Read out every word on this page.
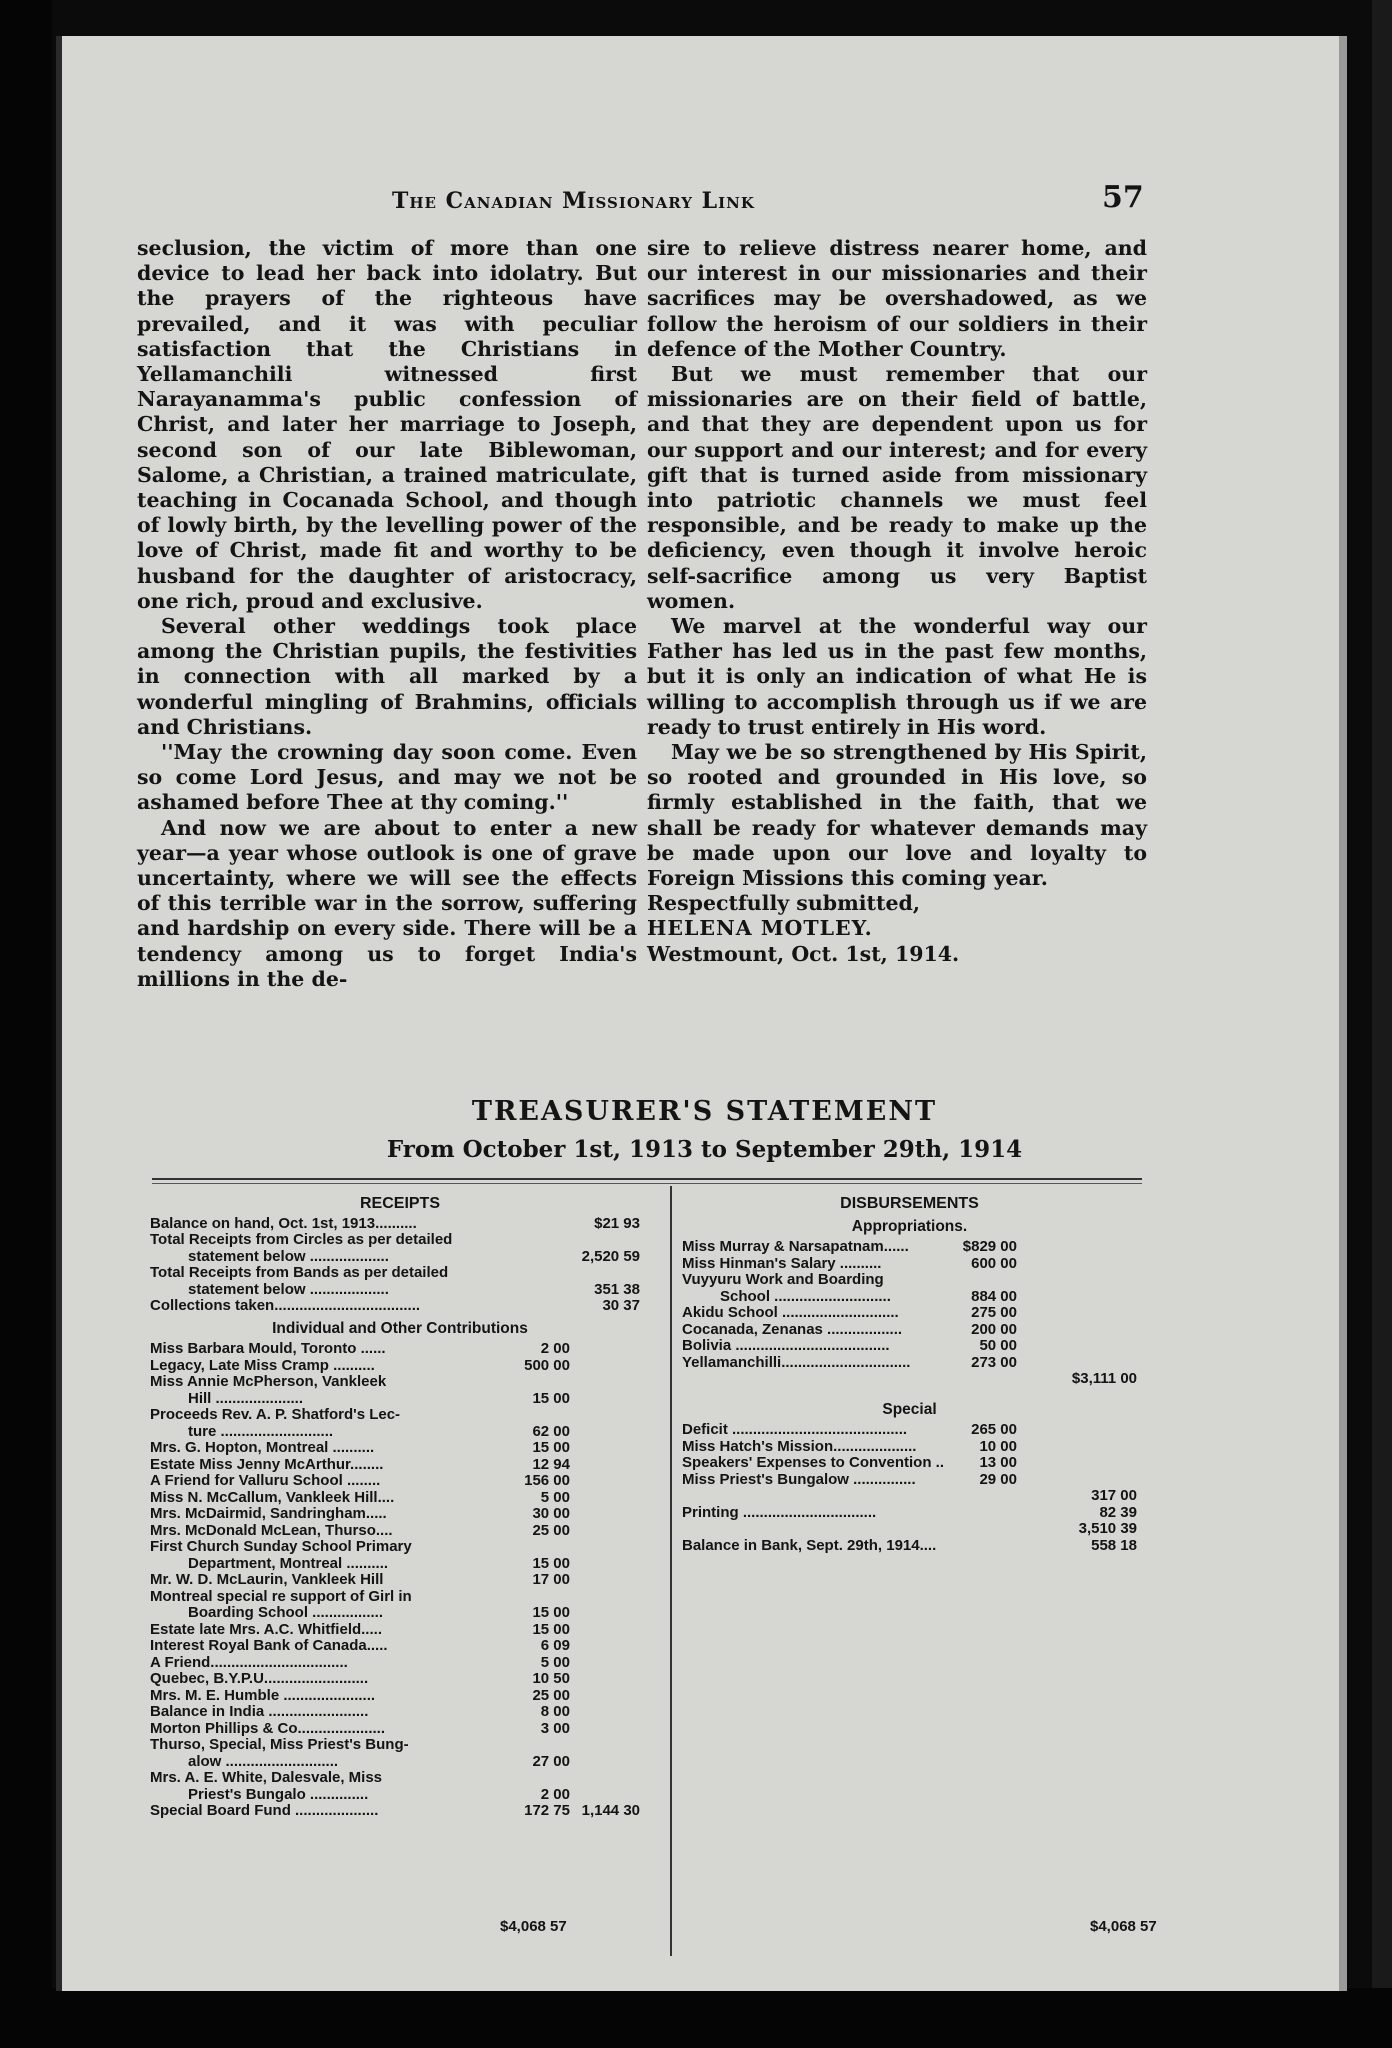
The Canadian Missionary Link	57

seclusion, the victim of more than one device to lead her back into idolatry. But the prayers of the righteous have prevailed, and it was with peculiar satisfaction that the Christians in Yellamanchili witnessed first Narayanamma's public confession of Christ, and later her marriage to Joseph, second son of our late Biblewoman, Salome, a Christian, a trained matriculate, teaching in Cocanada School, and though of lowly birth, by the levelling power of the love of Christ, made fit and worthy to be husband for the daughter of aristocracy, one rich, proud and exclusive.

Several other weddings took place among the Christian pupils, the festivities in connection with all marked by a wonderful mingling of Brahmins, officials and Christians.

''May the crowning day soon come. Even so come Lord Jesus, and may we not be ashamed before Thee at thy coming.''

And now we are about to enter a new year—a year whose outlook is one of grave uncertainty, where we will see the effects of this terrible war in the sorrow, suffering and hardship on every side. There will be a tendency among us to forget India's millions in the de-

sire to relieve distress nearer home, and our interest in our missionaries and their sacrifices may be overshadowed, as we follow the heroism of our soldiers in their defence of the Mother Country.

But we must remember that our missionaries are on their field of battle, and that they are dependent upon us for our support and our interest; and for every gift that is turned aside from missionary into patriotic channels we must feel responsible, and be ready to make up the deficiency, even though it involve heroic self-sacrifice among us very Baptist women.

We marvel at the wonderful way our Father has led us in the past few months, but it is only an indication of what He is willing to accomplish through us if we are ready to trust entirely in His word.

May we be so strengthened by His Spirit, so rooted and grounded in His love, so firmly established in the faith, that we shall be ready for whatever demands may be made upon our love and loyalty to Foreign Missions this coming year.

Respectfully submitted,

HELENA MOTLEY.

Westmount, Oct. 1st, 1914.

TREASURER'S STATEMENT
From October 1st, 1913 to September 29th, 1914
RECEIPTS
Balance on hand, Oct. 1st, 1913..........	$21 93
Total Receipts from Circles as per detailed
statement below ...................	2,520 59
Total Receipts from Bands as per detailed
statement below ...................	351 38
Collections taken...................................	30 37
Individual and Other Contributions
Miss Barbara Mould, Toronto ......	2 00
Legacy, Late Miss Cramp ..........	500 00
Miss Annie McPherson, Vankleek
Hill .....................	15 00
Proceeds Rev. A. P. Shatford's Lec-
ture ...........................	62 00
Mrs. G. Hopton, Montreal ..........	15 00
Estate Miss Jenny McArthur........	12 94
A Friend for Valluru School ........	156 00
Miss N. McCallum, Vankleek Hill....	5 00
Mrs. McDairmid, Sandringham.....	30 00
Mrs. McDonald McLean, Thurso....	25 00
First Church Sunday School Primary
Department, Montreal ..........	15 00
Mr. W. D. McLaurin, Vankleek Hill	17 00
Montreal special re support of Girl in
Boarding School .................	15 00
Estate late Mrs. A.C. Whitfield.....	15 00
Interest Royal Bank of Canada.....	6 09
A Friend.................................	5 00
Quebec, B.Y.P.U.........................	10 50
Mrs. M. E. Humble ......................	25 00
Balance in India ........................	8 00
Morton Phillips & Co.....................	3 00
Thurso, Special, Miss Priest's Bung-
alow ...........................	27 00
Mrs. A. E. White, Dalesvale, Miss
Priest's Bungalo ..............	2 00
Special Board Fund ....................	172 75 1,144 30
DISBURSEMENTS
Appropriations.
Miss Murray & Narsapatnam......	$829 00
Miss Hinman's Salary ..........	600 00
Vuyyuru Work and Boarding
School ............................	884 00
Akidu School ............................	275 00
Cocanada, Zenanas ..................	200 00
Bolivia .....................................	50 00
Yellamanchilli...............................	273 00
$3,111 00
Special
Deficit ..........................................	265 00
Miss Hatch's Mission....................	10 00
Speakers' Expenses to Convention .. 13 00
Miss Priest's Bungalow ...............	29 00
317 00
Printing ................................	82 39
3,510 39
Balance in Bank, Sept. 29th, 1914....	558 18
$4,068 57	$4,068 57
